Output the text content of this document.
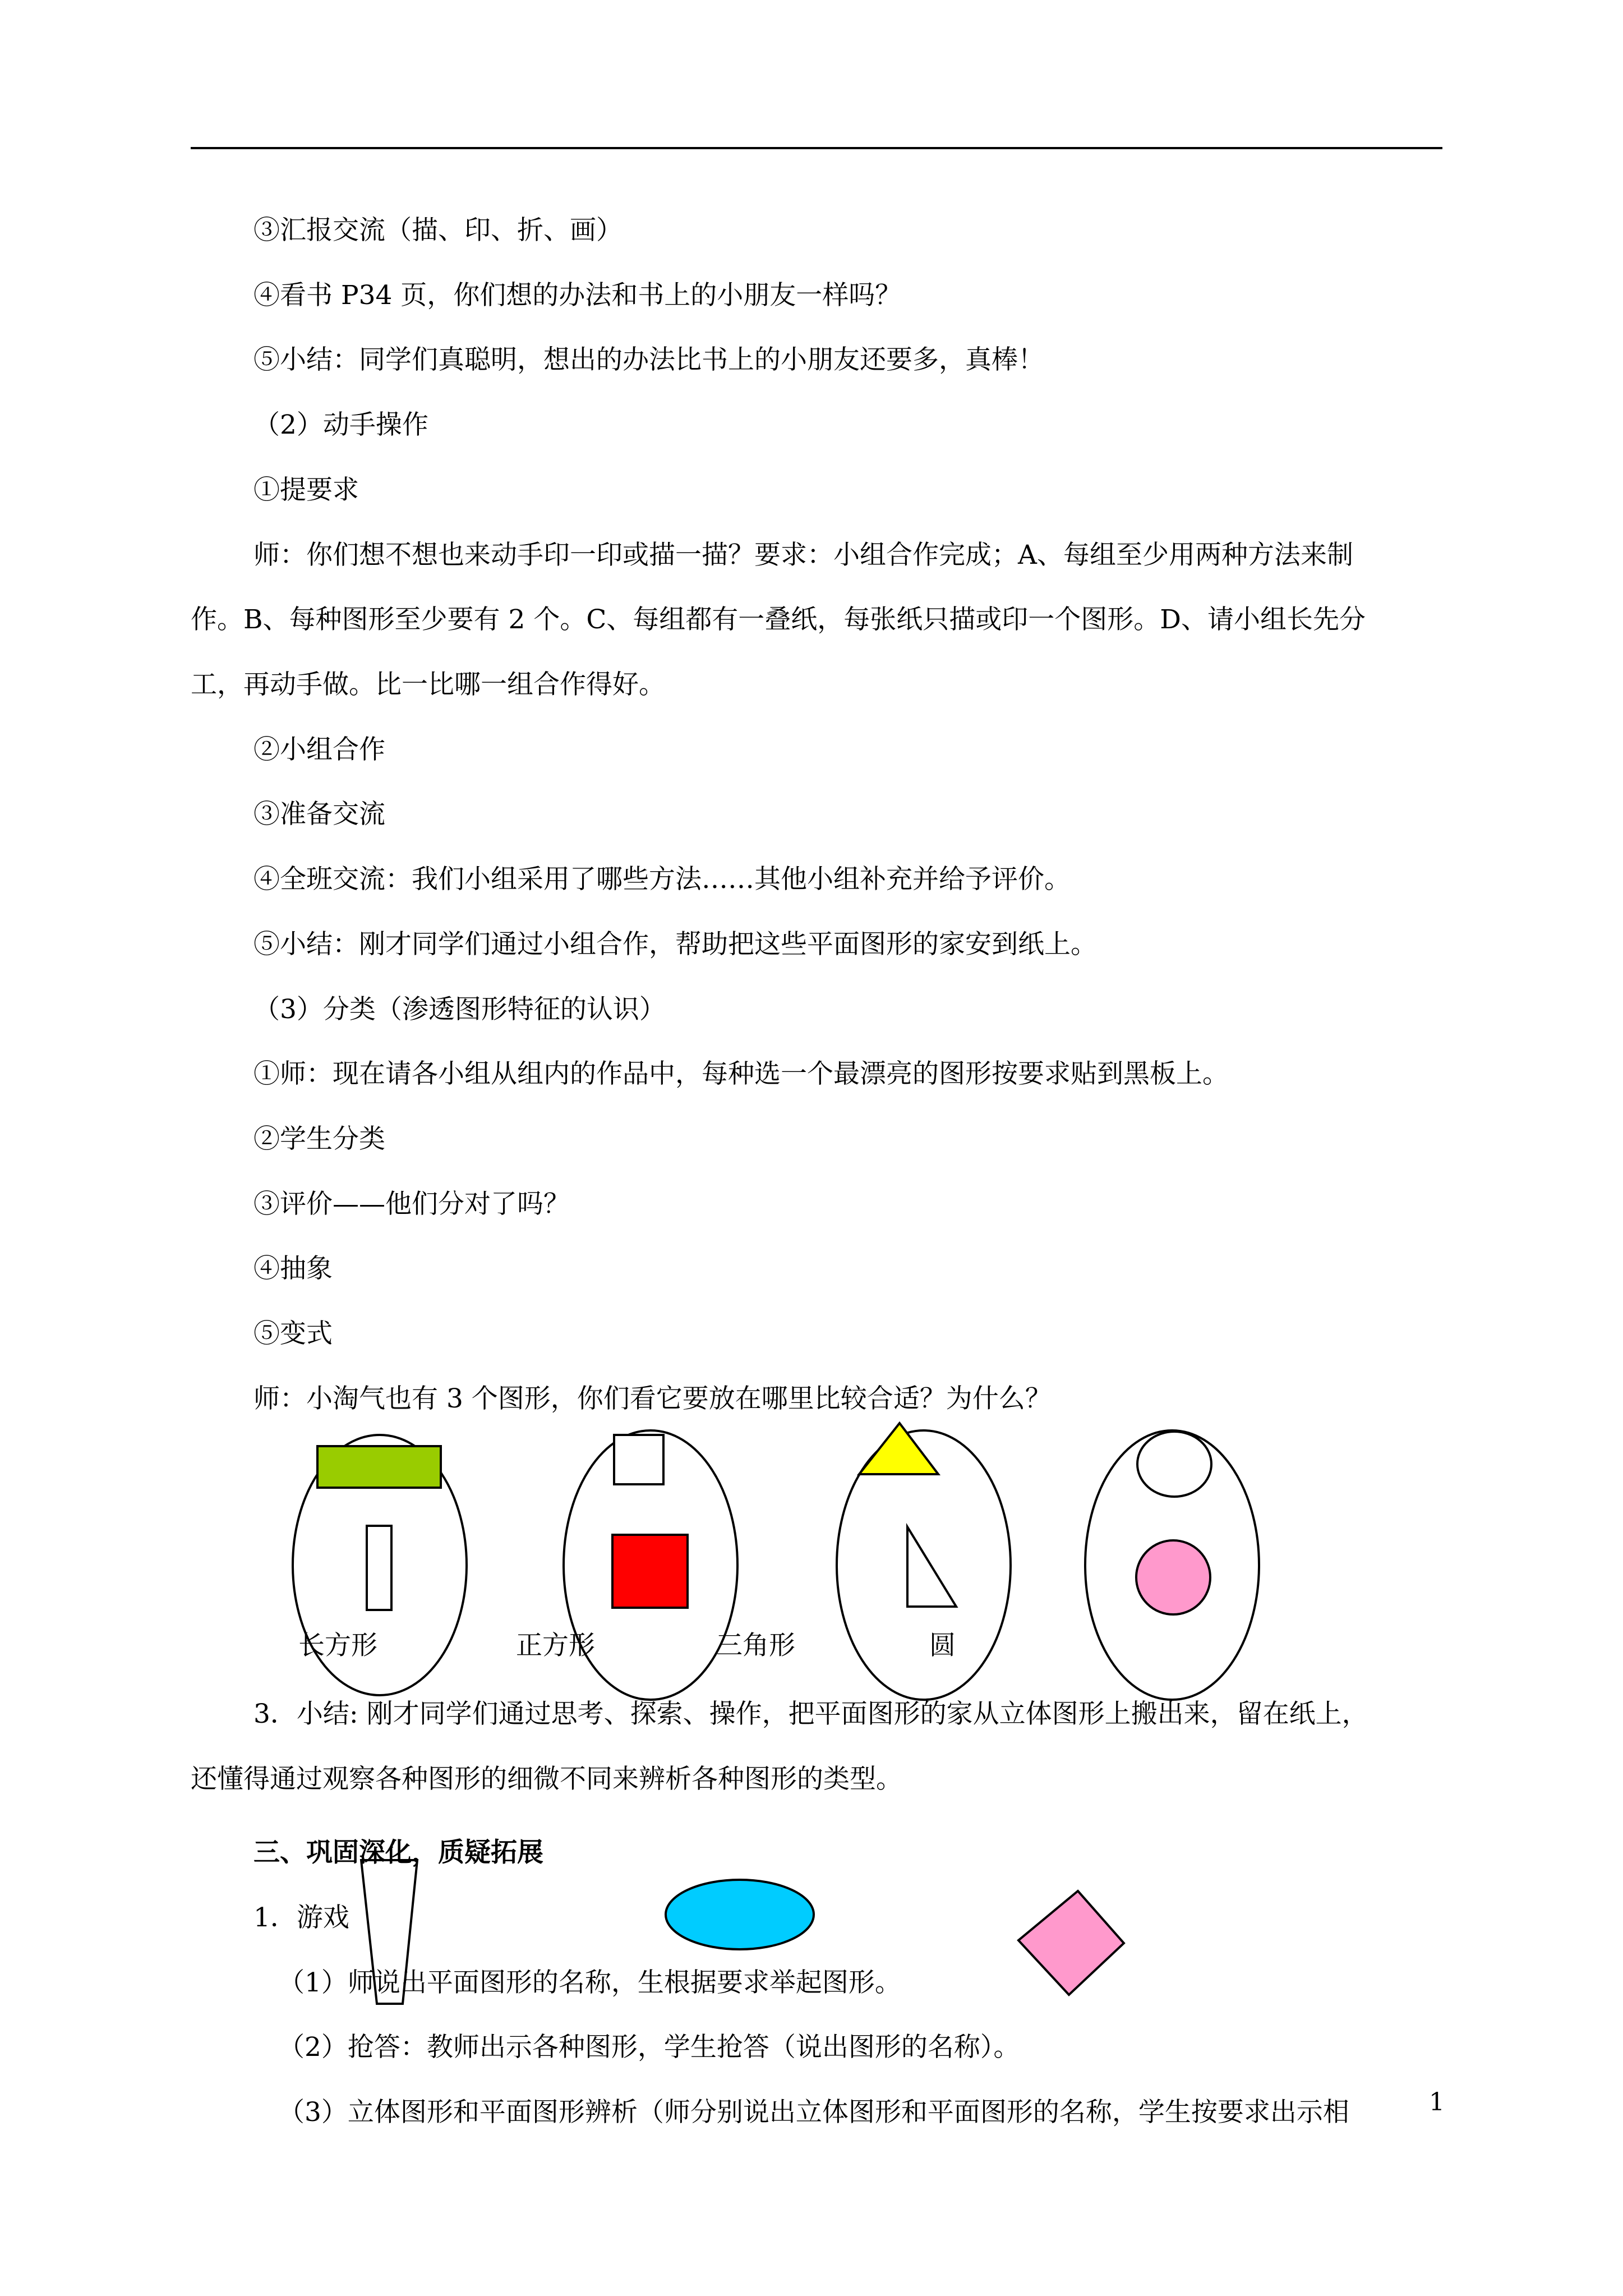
③汇报交流（描、印、折、画）
④看书 P34 页，你们想的办法和书上的小朋友一样吗？
⑤小结：同学们真聪明，想出的办法比书上的小朋友还要多，真棒！
（2）动手操作
①提要求
师：你们想不想也来动手印一印或描一描？要求：小组合作完成；A、每组至少用两种方法来制
作。B、每种图形至少要有 2 个。C、每组都有一叠纸，每张纸只描或印一个图形。D、请小组长先分
工，再动手做。比一比哪一组合作得好。
②小组合作
③准备交流
④全班交流：我们小组采用了哪些方法……其他小组补充并给予评价。
⑤小结：刚才同学们通过小组合作，帮助把这些平面图形的家安到纸上。
（3）分类（渗透图形特征的认识）
①师：现在请各小组从组内的作品中，每种选一个最漂亮的图形按要求贴到黑板上。
②学生分类
③评价——他们分对了吗？
④抽象
⑤变式
师：小淘气也有 3 个图形，你们看它要放在哪里比较合适？为什么？
长方形	正方形	三角形	圆
3．小结: 刚才同学们通过思考、探索、操作，把平面图形的家从立体图形上搬出来，留在纸上，
还懂得通过观察各种图形的细微不同来辨析各种图形的类型。
三、巩固深化，质疑拓展
1．游戏
（1）师说出平面图形的名称，生根据要求举起图形。
（2）抢答：教师出示各种图形，学生抢答（说出图形的名称）。
（3）立体图形和平面图形辨析（师分别说出立体图形和平面图形的名称，学生按要求出示相	1
